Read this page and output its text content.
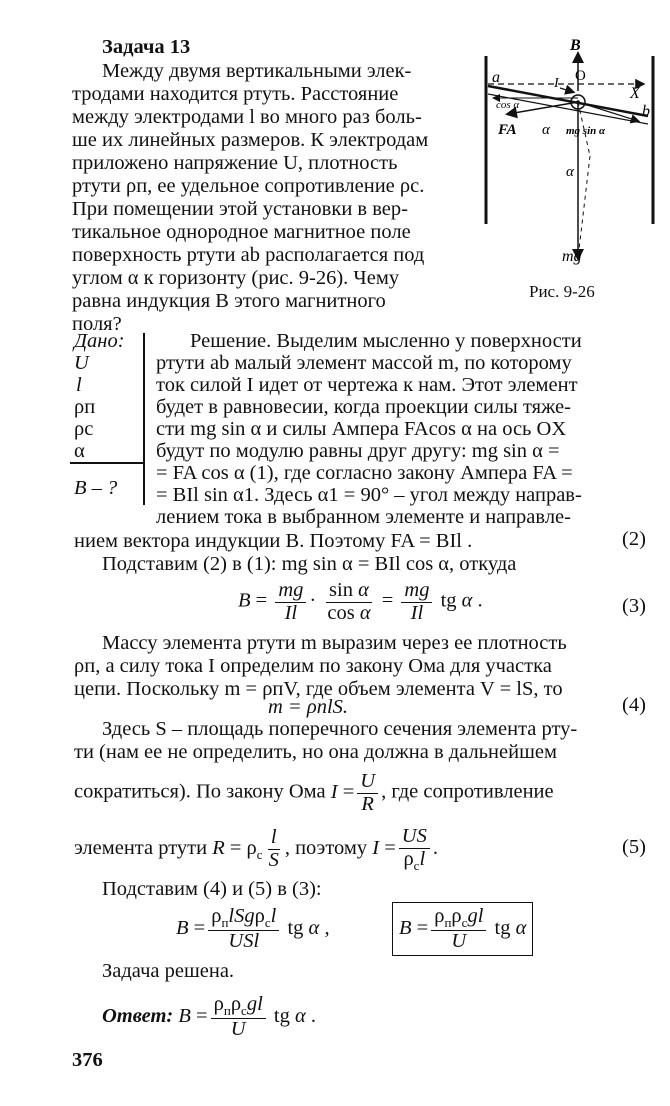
Задача 13
Между двумя вертикальными элек-
тродами находится ртуть. Расстояние
между электродами l во много раз боль-
ше их линейных размеров. К электродам
приложено напряжение U, плотность
ртути ρп, ее удельное сопротивление ρс.
При помещении этой установки в вер-
тикальное однородное магнитное поле
поверхность ртути ab располагается под
углом α к горизонту (рис. 9-26). Чему
равна индукция B этого магнитного
поля?
B
O
X
a
b
I
FA
cos α
α
α
mg sin α
mg
Рис. 9-26
Дано:
U
l
ρп
ρс
α
B – ?
Решение. Выделим мысленно у поверхности
ртути ab малый элемент массой m, по которому
ток силой I идет от чертежа к нам. Этот элемент
будет в равновесии, когда проекции силы тяже-
сти mg sin α и силы Ампера FAcos α на ось OX
будут по модулю равны друг другу: mg sin α =
= FA cos α (1), где согласно закону Ампера FA =
= BIl sin α1. Здесь α1 = 90° – угол между направ-
лением тока в выбранном элементе и направле-
нием вектора индукции B. Поэтому FA = BIl .	(2)
Подставим (2) в (1): mg sin α = BIl cos α, откуда
$B = \frac{mg}{Il} \cdot \frac{\text{sin α}}{\text{cos α}} = \frac{mg}{Il}$ tg α .	(3)
Массу элемента ртути m выразим через ее плотность
ρп, а силу тока I определим по закону Ома для участка
цепи. Поскольку m = ρпV, где объем элемента V = lS, то
m = ρпlS.	(4)
Здесь S – площадь поперечного сечения элемента рту-
ти (нам ее не определить, но она должна в дальнейшем
сократиться). По закону Ома $I = \frac{U}{R}$ , где сопротивление
элемента ртути $R = \rho_с \frac{l}{S}$ , поэтому $I = \frac{US}{\rho_сl}$ .	(5)
Подставим (4) и (5) в (3):
$B = \frac{\rho_пlSg\rho_сl}{\text{USl}}$ tg α ,	$B = \frac{\rho_п\rho_сgl}{U}$ tg α
Задача решена.
Ответ: $B = \frac{\rho_п\rho_сgl}{U}$ tg α .
376
